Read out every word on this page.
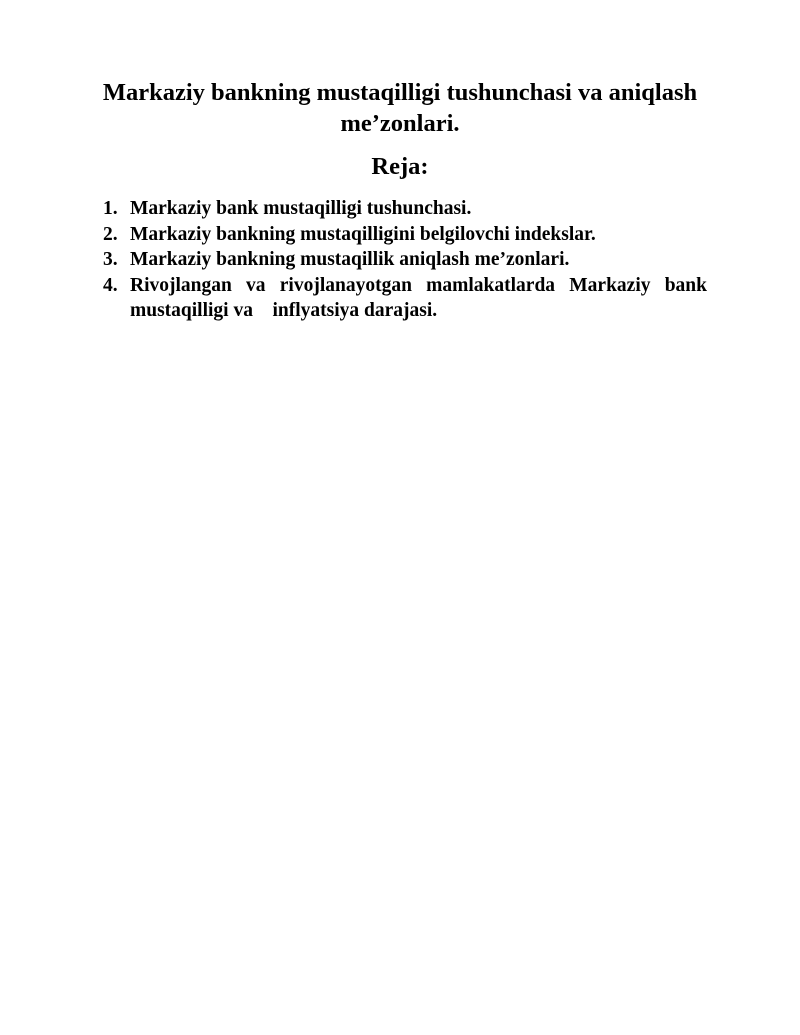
Markaziy bankning mustaqilligi tushunchasi va aniqlash me’zonlari.
Reja:
1. Markaziy bank mustaqilligi tushunchasi.
2. Markaziy bankning mustaqilligini belgilovchi indekslar.
3. Markaziy bankning mustaqillik aniqlash me’zonlari.
4. Rivojlangan va rivojlanayotgan mamlakatlarda Markaziy bank mustaqilligi va    inflyatsiya darajasi.
